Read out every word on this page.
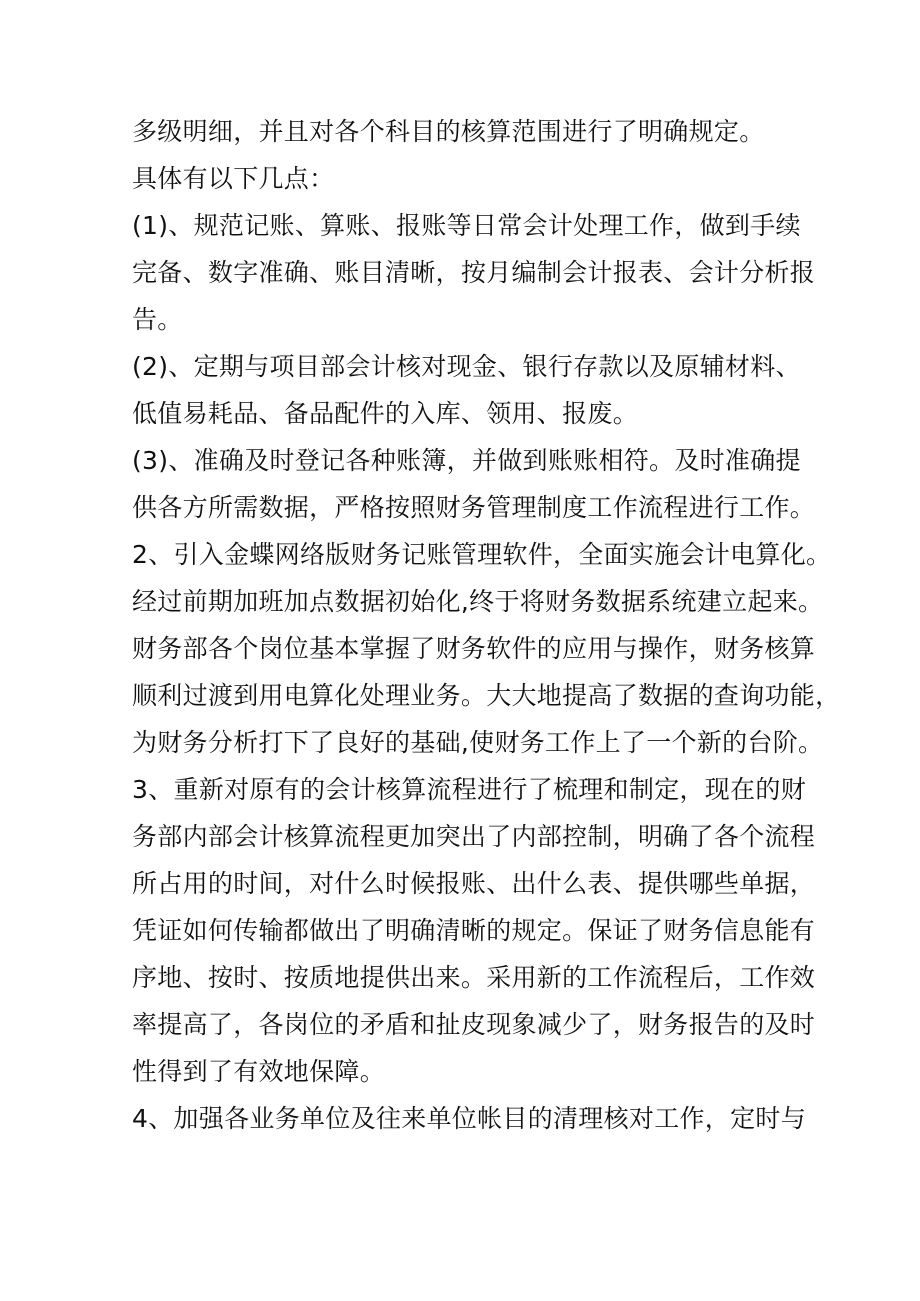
多级明细，并且对各个科目的核算范围进行了明确规定。
具体有以下几点：
(1)、规范记账、算账、报账等日常会计处理工作，做到手续
完备、数字准确、账目清晰，按月编制会计报表、会计分析报
告。
(2)、定期与项目部会计核对现金、银行存款以及原辅材料、
低值易耗品、备品配件的入库、领用、报废。
(3)、准确及时登记各种账簿，并做到账账相符。及时准确提
供各方所需数据，严格按照财务管理制度工作流程进行工作。
2、引入金蝶网络版财务记账管理软件，全面实施会计电算化。
经过前期加班加点数据初始化,终于将财务数据系统建立起来。
财务部各个岗位基本掌握了财务软件的应用与操作，财务核算
顺利过渡到用电算化处理业务。大大地提高了数据的查询功能，
为财务分析打下了良好的基础,使财务工作上了一个新的台阶。
3、重新对原有的会计核算流程进行了梳理和制定，现在的财
务部内部会计核算流程更加突出了内部控制，明确了各个流程
所占用的时间，对什么时候报账、出什么表、提供哪些单据，
凭证如何传输都做出了明确清晰的规定。保证了财务信息能有
序地、按时、按质地提供出来。采用新的工作流程后，工作效
率提高了，各岗位的矛盾和扯皮现象减少了，财务报告的及时
性得到了有效地保障。
4、加强各业务单位及往来单位帐目的清理核对工作，定时与
